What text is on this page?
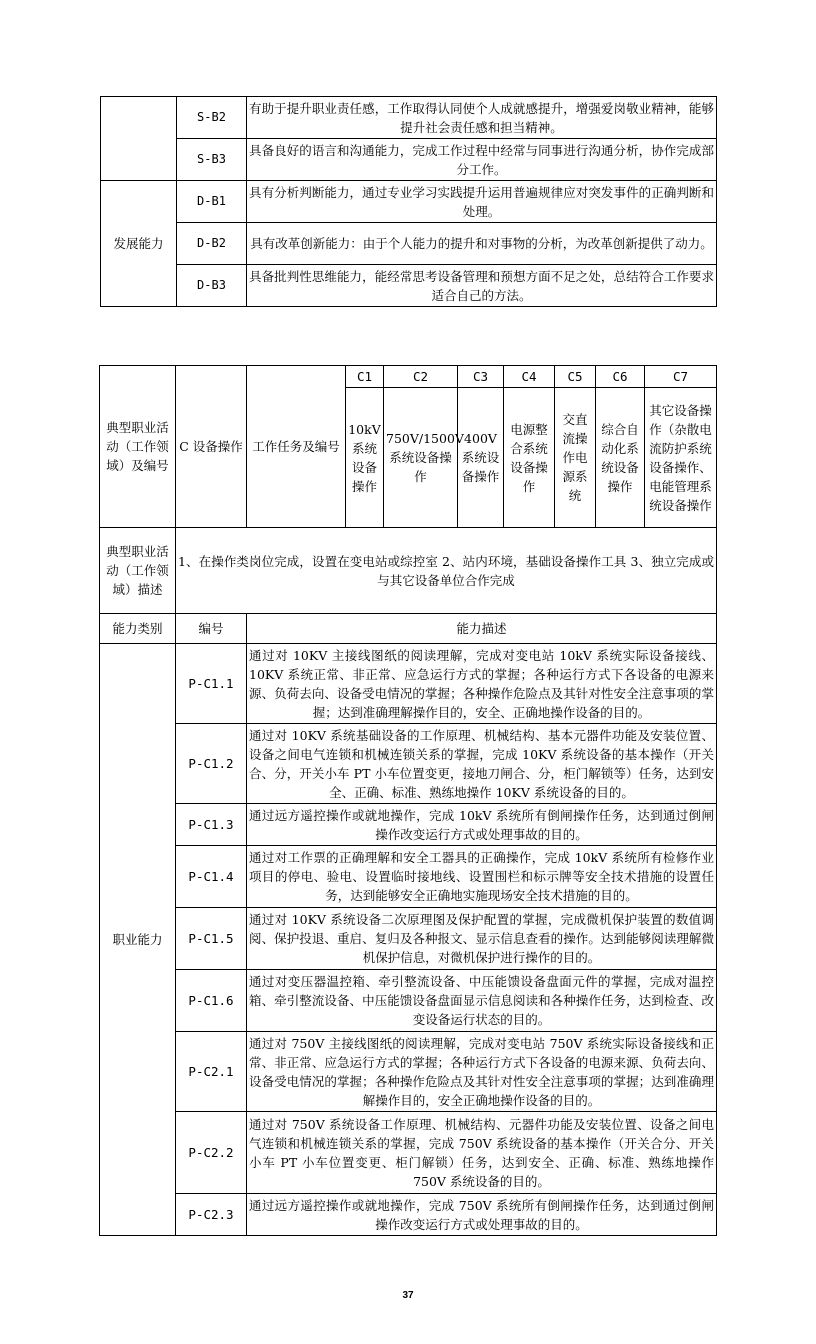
	S-B2	有助于提升职业责任感，工作取得认同使个人成就感提升，增强爱岗敬业精神，能够提升社会责任感和担当精神。
	S-B3	具备良好的语言和沟通能力，完成工作过程中经常与同事进行沟通分析，协作完成部分工作。
发展能力	D-B1	具有分析判断能力，通过专业学习实践提升运用普遍规律应对突发事件的正确判断和处理。
	D-B2	具有改革创新能力：由于个人能力的提升和对事物的分析，为改革创新提供了动力。
	D-B3	具备批判性思维能力，能经常思考设备管理和预想方面不足之处，总结符合工作要求适合自己的方法。
典型职业活动（工作领域）及编号	C 设备操作	工作任务及编号	C1	C2	C3	C4	C5	C6	C7
			10kV系统设备操作	750V/1500V系统设备操作	400V系统设备操作	电源整合系统设备操作	交直流操作电源系统	综合自动化系统设备操作	其它设备操作（杂散电流防护系统设备操作、电能管理系统设备操作
典型职业活动（工作领域）描述	1、在操作类岗位完成，设置在变电站或综控室 2、站内环境，基础设备操作工具 3、独立完成或与其它设备单位合作完成								
能力类别	编号	能力描述							
职业能力	P-C1.1	通过对 10KV 主接线图纸的阅读理解，完成对变电站 10kV 系统实际设备接线、10KV 系统正常、非正常、应急运行方式的掌握；各种运行方式下各设备的电源来源、负荷去向、设备受电情况的掌握；各种操作危险点及其针对性安全注意事项的掌握；达到准确理解操作目的，安全、正确地操作设备的目的。							
	P-C1.2	通过对 10KV 系统基础设备的工作原理、机械结构、基本元器件功能及安装位置、设备之间电气连锁和机械连锁关系的掌握，完成 10KV 系统设备的基本操作（开关合、分，开关小车 PT 小车位置变更，接地刀闸合、分，柜门解锁等）任务，达到安全、正确、标准、熟练地操作 10KV 系统设备的目的。							
	P-C1.3	通过远方遥控操作或就地操作，完成 10kV 系统所有倒闸操作任务，达到通过倒闸操作改变运行方式或处理事故的目的。							
	P-C1.4	通过对工作票的正确理解和安全工器具的正确操作，完成 10kV 系统所有检修作业项目的停电、验电、设置临时接地线、设置围栏和标示牌等安全技术措施的设置任务，达到能够安全正确地实施现场安全技术措施的目的。							
	P-C1.5	通过对 10KV 系统设备二次原理图及保护配置的掌握，完成微机保护装置的数值调阅、保护投退、重启、复归及各种报文、显示信息查看的操作。达到能够阅读理解微机保护信息，对微机保护进行操作的目的。							
	P-C1.6	通过对变压器温控箱、牵引整流设备、中压能馈设备盘面元件的掌握，完成对温控箱、牵引整流设备、中压能馈设备盘面显示信息阅读和各种操作任务，达到检查、改变设备运行状态的目的。							
	P-C2.1	通过对 750V 主接线图纸的阅读理解，完成对变电站 750V 系统实际设备接线和正常、非正常、应急运行方式的掌握；各种运行方式下各设备的电源来源、负荷去向、设备受电情况的掌握；各种操作危险点及其针对性安全注意事项的掌握；达到准确理解操作目的，安全正确地操作设备的目的。							
	P-C2.2	通过对 750V 系统设备工作原理、机械结构、元器件功能及安装位置、设备之间电气连锁和机械连锁关系的掌握，完成 750V 系统设备的基本操作（开关合分、开关小车 PT 小车位置变更、柜门解锁）任务，达到安全、正确、标准、熟练地操作 750V 系统设备的目的。							
	P-C2.3	通过远方遥控操作或就地操作，完成 750V 系统所有倒闸操作任务，达到通过倒闸操作改变运行方式或处理事故的目的。							
37
